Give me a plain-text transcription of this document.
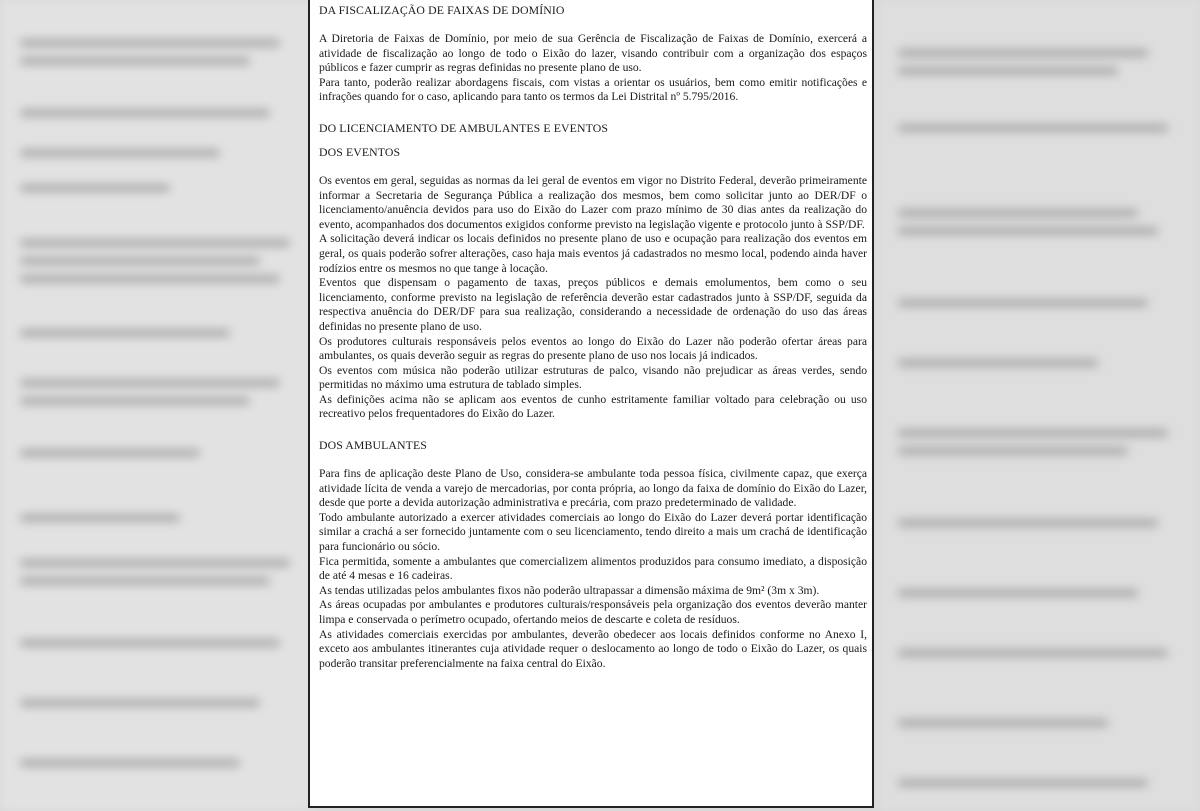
DA FISCALIZAÇÃO DE FAIXAS DE DOMÍNIO

A Diretoria de Faixas de Domínio, por meio de sua Gerência de Fiscalização de Faixas de Domínio, exercerá a atividade de fiscalização ao longo de todo o Eixão do lazer, visando contribuir com a organização dos espaços públicos e fazer cumprir as regras definidas no presente plano de uso.

Para tanto, poderão realizar abordagens fiscais, com vistas a orientar os usuários, bem como emitir notificações e infrações quando for o caso, aplicando para tanto os termos da Lei Distrital nº 5.795/2016.

DO LICENCIAMENTO DE AMBULANTES E EVENTOS
DOS EVENTOS

Os eventos em geral, seguidas as normas da lei geral de eventos em vigor no Distrito Federal, deverão primeiramente informar a Secretaria de Segurança Pública a realização dos mesmos, bem como solicitar junto ao DER/DF o licenciamento/anuência devidos para uso do Eixão do Lazer com prazo mínimo de 30 dias antes da realização do evento, acompanhados dos documentos exigidos conforme previsto na legislação vigente e protocolo junto à SSP/DF.

A solicitação deverá indicar os locais definidos no presente plano de uso e ocupação para realização dos eventos em geral, os quais poderão sofrer alterações, caso haja mais eventos já cadastrados no mesmo local, podendo ainda haver rodízios entre os mesmos no que tange à locação.

Eventos que dispensam o pagamento de taxas, preços públicos e demais emolumentos, bem como o seu licenciamento, conforme previsto na legislação de referência deverão estar cadastrados junto à SSP/DF, seguida da respectiva anuência do DER/DF para sua realização, considerando a necessidade de ordenação do uso das áreas definidas no presente plano de uso.

Os produtores culturais responsáveis pelos eventos ao longo do Eixão do Lazer não poderão ofertar áreas para ambulantes, os quais deverão seguir as regras do presente plano de uso nos locais já indicados.

Os eventos com música não poderão utilizar estruturas de palco, visando não prejudicar as áreas verdes, sendo permitidas no máximo uma estrutura de tablado simples.

As definições acima não se aplicam aos eventos de cunho estritamente familiar voltado para celebração ou uso recreativo pelos frequentadores do Eixão do Lazer.

DOS AMBULANTES

Para fins de aplicação deste Plano de Uso, considera-se ambulante toda pessoa física, civilmente capaz, que exerça atividade lícita de venda a varejo de mercadorias, por conta própria, ao longo da faixa de domínio do Eixão do Lazer, desde que porte a devida autorização administrativa e precária, com prazo predeterminado de validade.

Todo ambulante autorizado a exercer atividades comerciais ao longo do Eixão do Lazer deverá portar identificação similar a crachá a ser fornecido juntamente com o seu licenciamento, tendo direito a mais um crachá de identificação para funcionário ou sócio.

Fica permitida, somente a ambulantes que comercializem alimentos produzidos para consumo imediato, a disposição de até 4 mesas e 16 cadeiras.

As tendas utilizadas pelos ambulantes fixos não poderão ultrapassar a dimensão máxima de 9m² (3m x 3m).

As áreas ocupadas por ambulantes e produtores culturais/responsáveis pela organização dos eventos deverão manter limpa e conservada o perímetro ocupado, ofertando meios de descarte e coleta de resíduos.

As atividades comerciais exercidas por ambulantes, deverão obedecer aos locais definidos conforme no Anexo I, exceto aos ambulantes itinerantes cuja atividade requer o deslocamento ao longo de todo o Eixão do Lazer, os quais poderão transitar preferencialmente na faixa central do Eixão.
